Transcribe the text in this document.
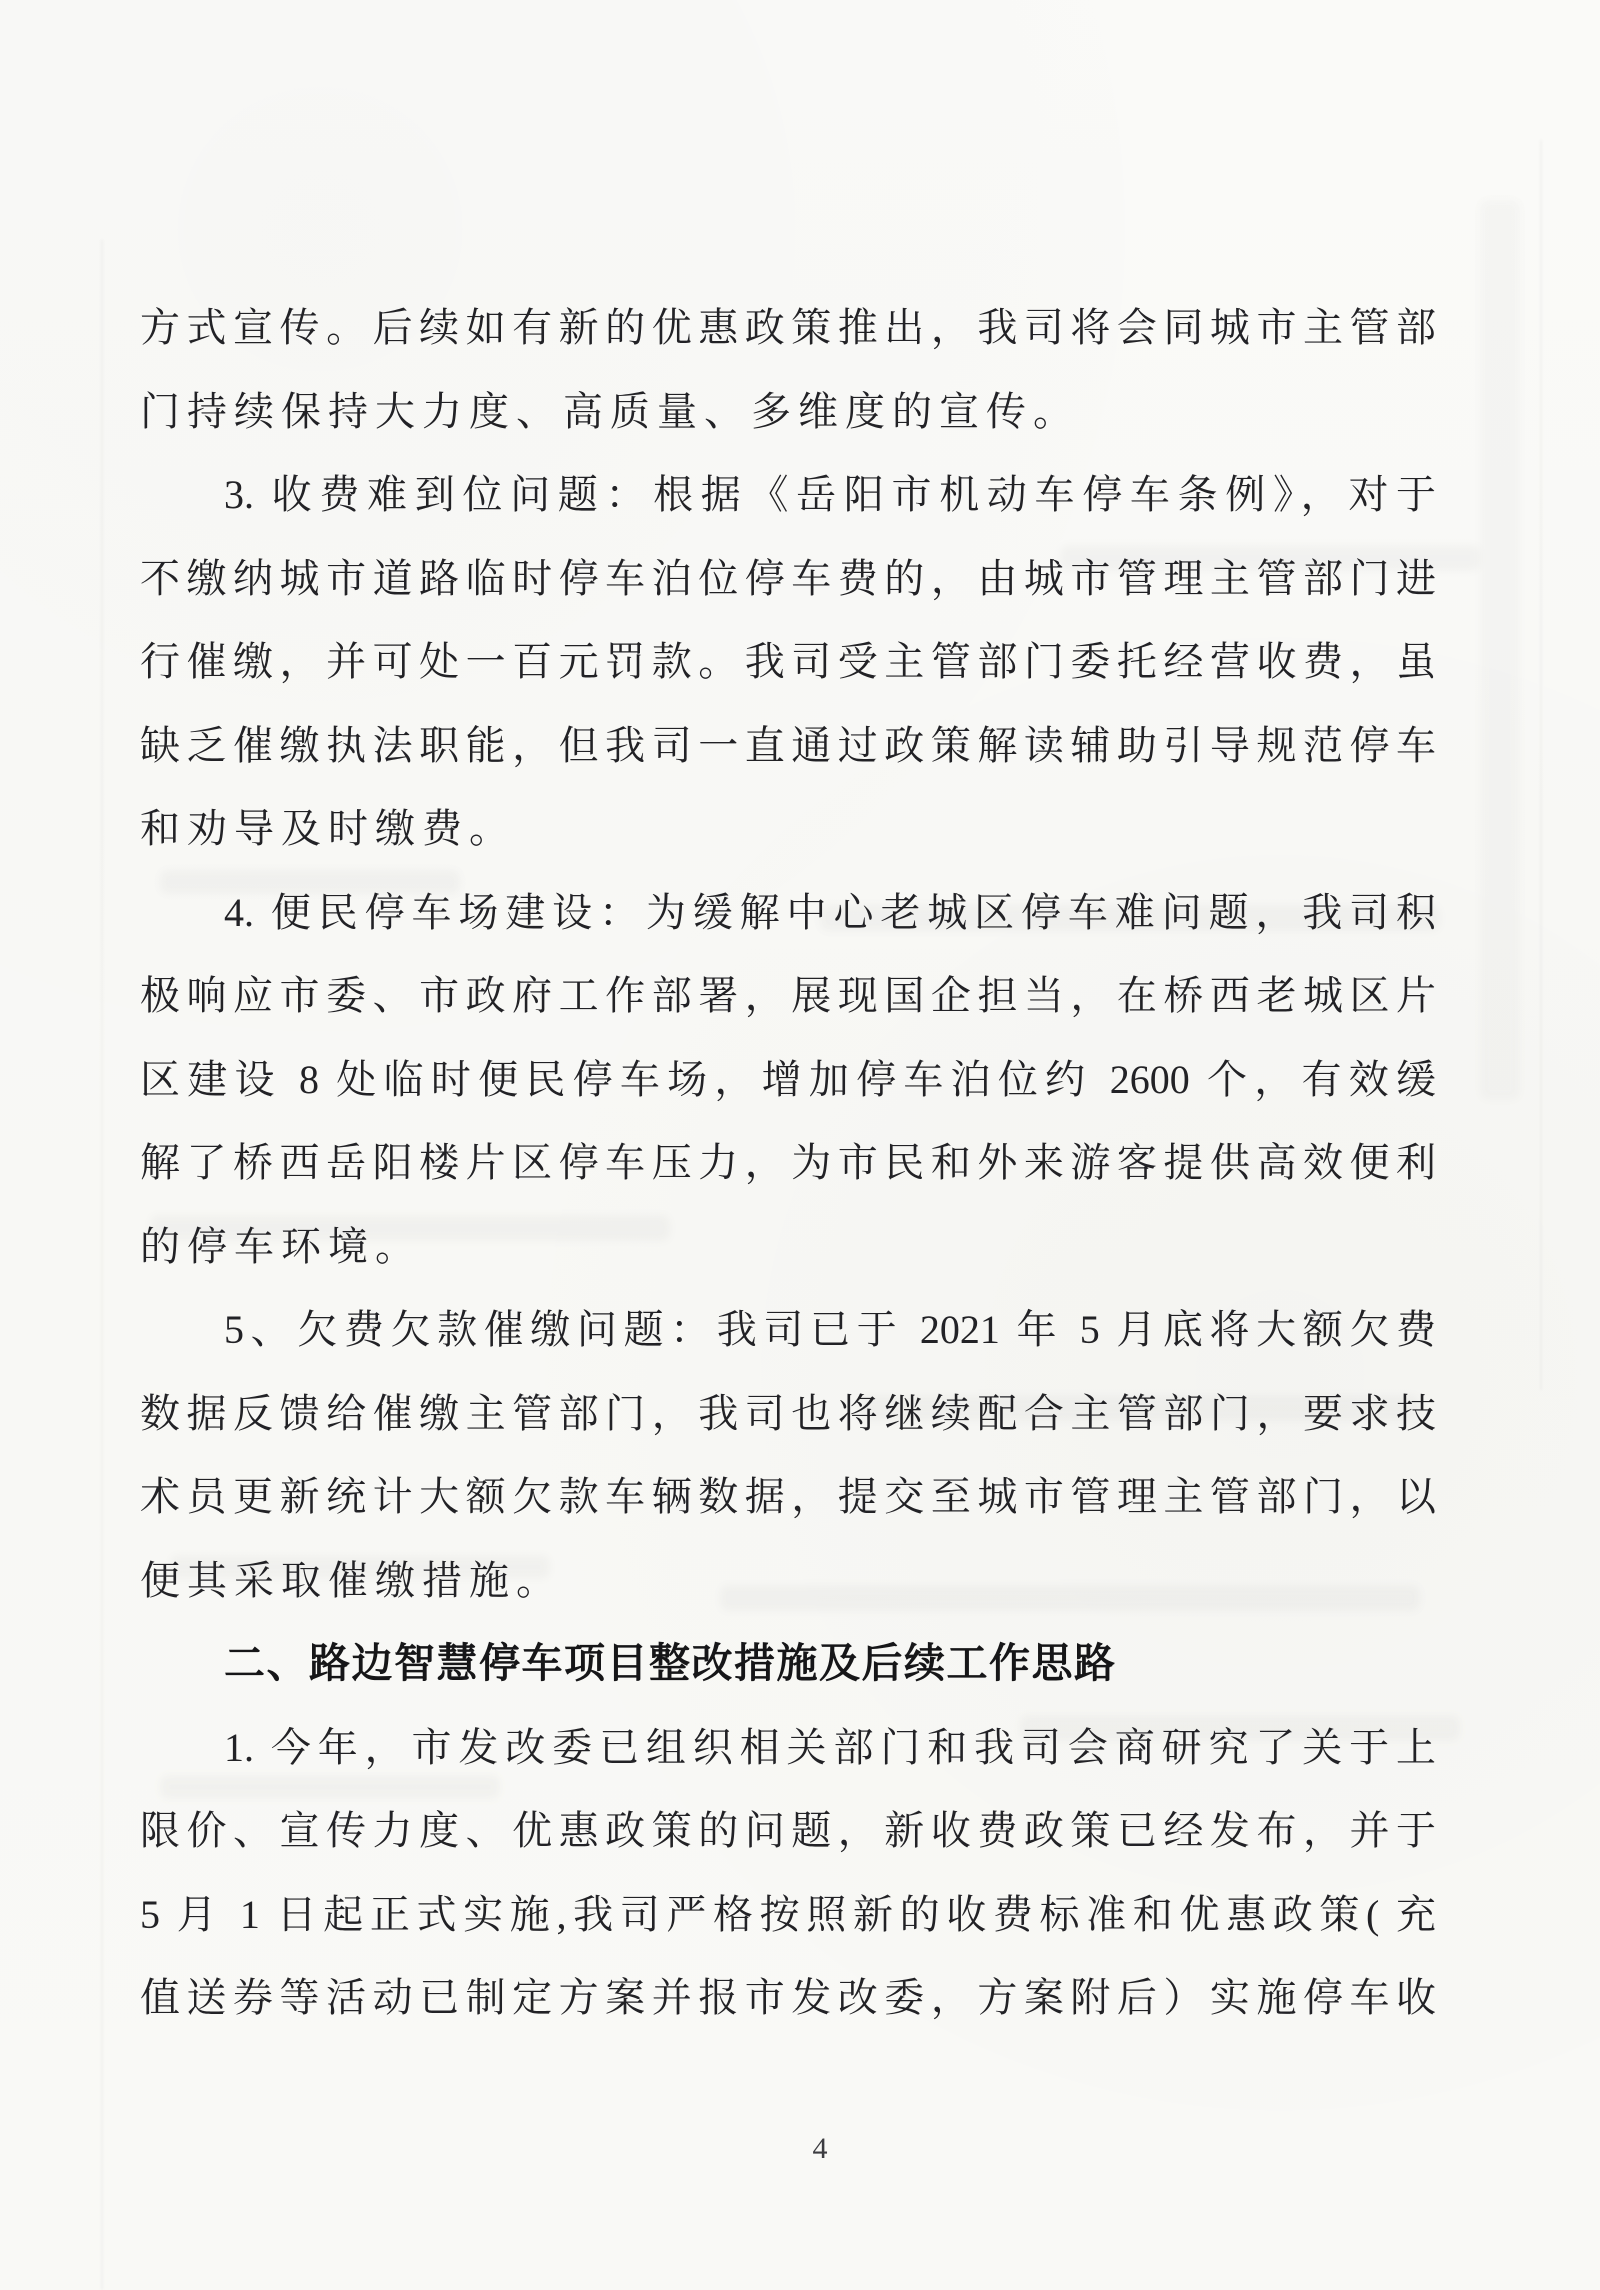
方式宣传。后续如有新的优惠政策推出，我司将会同城市主管部
门持续保持大力度、高质量、多维度的宣传。
3. 收费难到位问题：根据《岳阳市机动车停车条例》，对于
不缴纳城市道路临时停车泊位停车费的，由城市管理主管部门进
行催缴，并可处一百元罚款。我司受主管部门委托经营收费，虽
缺乏催缴执法职能，但我司一直通过政策解读辅助引导规范停车
和劝导及时缴费。
4. 便民停车场建设：为缓解中心老城区停车难问题，我司积
极响应市委、市政府工作部署，展现国企担当，在桥西老城区片
区建设 8 处临时便民停车场，增加停车泊位约 2600 个，有效缓
解了桥西岳阳楼片区停车压力，为市民和外来游客提供高效便利
的停车环境。
5、欠费欠款催缴问题：我司已于 2021 年 5 月底将大额欠费
数据反馈给催缴主管部门，我司也将继续配合主管部门，要求技
术员更新统计大额欠款车辆数据，提交至城市管理主管部门，以
便其采取催缴措施。
二、路边智慧停车项目整改措施及后续工作思路
1. 今年，市发改委已组织相关部门和我司会商研究了关于上
限价、宣传力度、优惠政策的问题，新收费政策已经发布，并于
5 月 1 日起正式实施,我司严格按照新的收费标准和优惠政策( 充
值送券等活动已制定方案并报市发改委，方案附后）实施停车收
4
